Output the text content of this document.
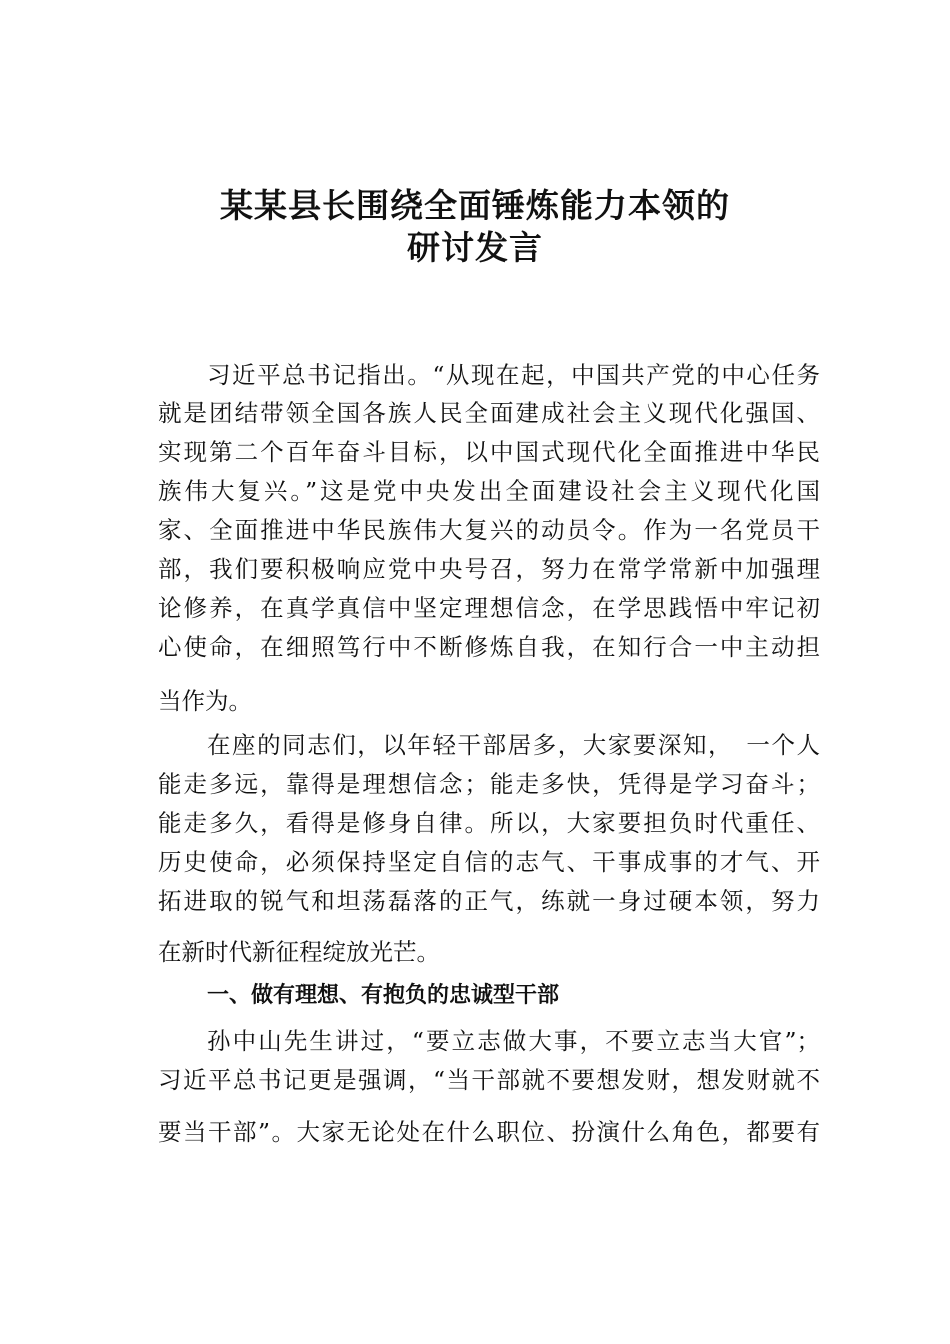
某某县长围绕全面锤炼能力本领的
研讨发言
习近平总书记指出。“从现在起，中国共产党的中心任务
就是团结带领全国各族人民全面建成社会主义现代化强国、
实现第二个百年奋斗目标，以中国式现代化全面推进中华民
族伟大复兴。”这是党中央发出全面建设社会主义现代化国
家、全面推进中华民族伟大复兴的动员令。作为一名党员干
部，我们要积极响应党中央号召，努力在常学常新中加强理
论修养，在真学真信中坚定理想信念，在学思践悟中牢记初
心使命，在细照笃行中不断修炼自我，在知行合一中主动担
当作为。
在座的同志们，以年轻干部居多，大家要深知，　一个人
能走多远，靠得是理想信念；能走多快，凭得是学习奋斗；
能走多久，看得是修身自律。所以，大家要担负时代重任、
历史使命，必须保持坚定自信的志气、干事成事的才气、开
拓进取的锐气和坦荡磊落的正气，练就一身过硬本领，努力
在新时代新征程绽放光芒。
一、做有理想、有抱负的忠诚型干部
孙中山先生讲过，“要立志做大事，不要立志当大官”；
习近平总书记更是强调，“当干部就不要想发财，想发财就不
要当干部”。大家无论处在什么职位、扮演什么角色，都要有
